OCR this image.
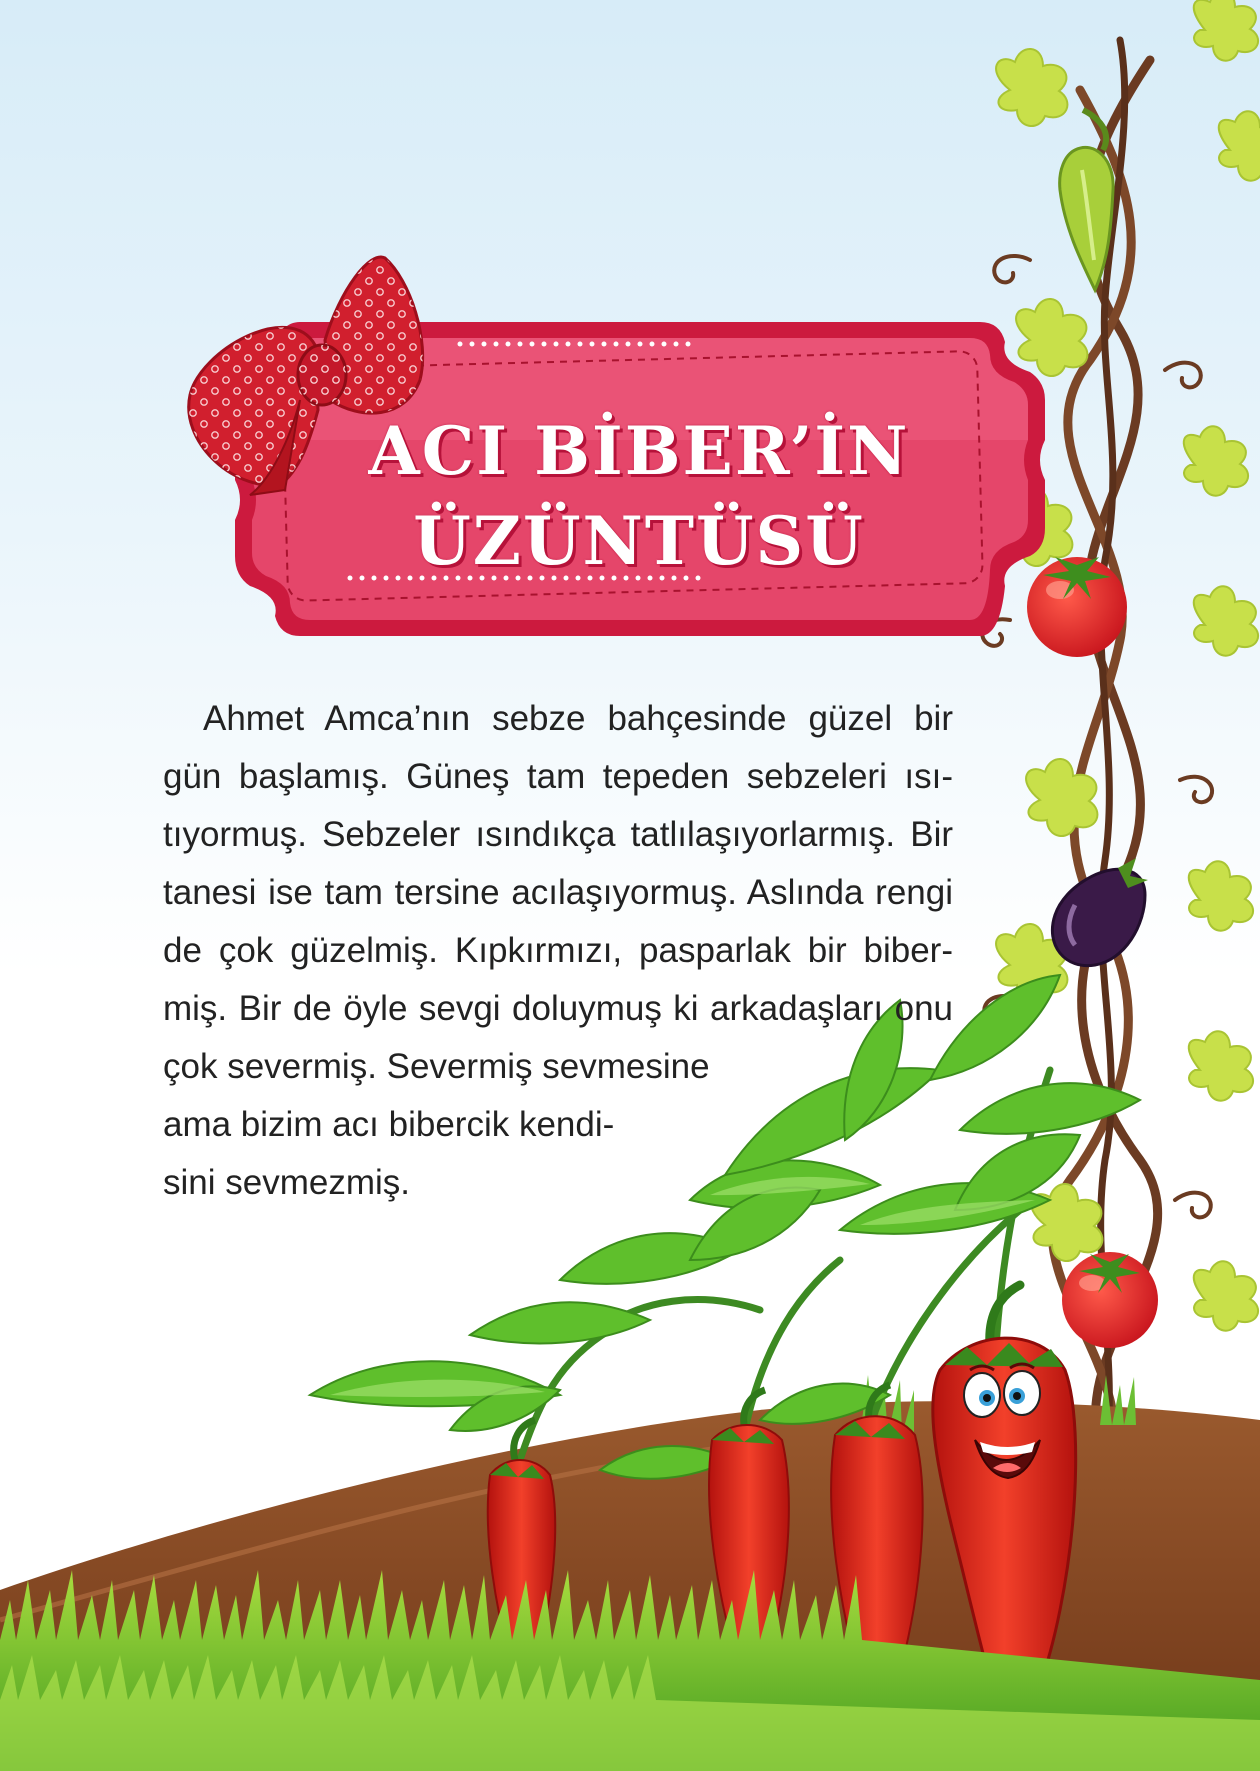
ACI BİBER’İN
ÜZÜNTÜSÜ

Ahmet Amca’nın sebze bahçesinde güzel bir

gün başlamış. Güneş tam tepeden sebzeleri ısı-

tıyormuş. Sebzeler ısındıkça tatlılaşıyorlarmış. Bir

tanesi ise tam tersine acılaşıyormuş. Aslında rengi

de çok güzelmiş. Kıpkırmızı, pasparlak bir biber-

miş. Bir de öyle sevgi doluymuş ki arkadaşları onu

çok severmiş. Severmiş sevmesine

ama bizim acı bibercik kendi-

sini sevmezmiş.
